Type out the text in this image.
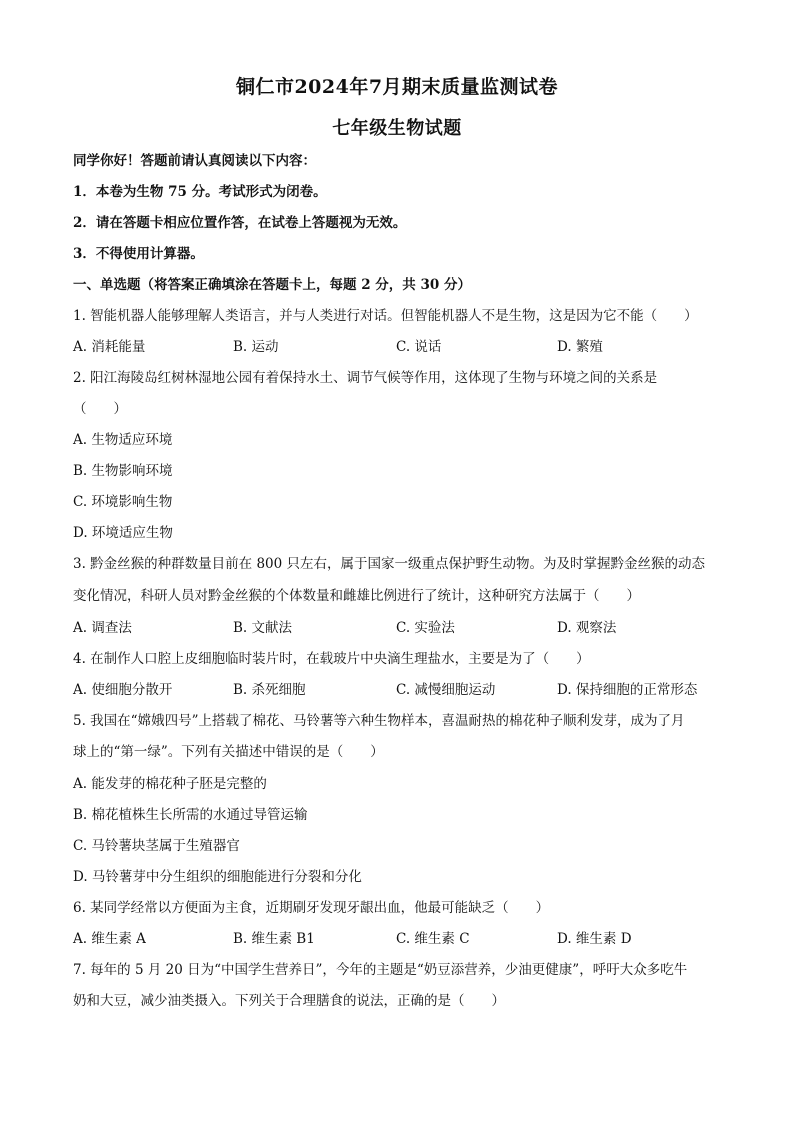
铜仁市2024年7月期末质量监测试卷
七年级生物试题
同学你好！答题前请认真阅读以下内容：
1．本卷为生物 75 分。考试形式为闭卷。
2．请在答题卡相应位置作答，在试卷上答题视为无效。
3．不得使用计算器。
一、单选题（将答案正确填涂在答题卡上，每题 2 分，共 30 分）
1. 智能机器人能够理解人类语言，并与人类进行对话。但智能机器人不是生物，这是因为它不能（　　）
A. 消耗能量	B. 运动	C. 说话	D. 繁殖
2. 阳江海陵岛红树林湿地公园有着保持水土、调节气候等作用，这体现了生物与环境之间的关系是
（　　）
A. 生物适应环境
B. 生物影响环境
C. 环境影响生物
D. 环境适应生物
3. 黔金丝猴的种群数量目前在 800 只左右，属于国家一级重点保护野生动物。为及时掌握黔金丝猴的动态
变化情况，科研人员对黔金丝猴的个体数量和雌雄比例进行了统计，这种研究方法属于（　　）
A. 调查法	B. 文献法	C. 实验法	D. 观察法
4. 在制作人口腔上皮细胞临时装片时，在载玻片中央滴生理盐水，主要是为了（　　）
A. 使细胞分散开	B. 杀死细胞	C. 减慢细胞运动	D. 保持细胞的正常形态
5. 我国在“嫦娥四号”上搭载了棉花、马铃薯等六种生物样本，喜温耐热的棉花种子顺利发芽，成为了月
球上的“第一绿”。下列有关描述中错误的是（　　）
A. 能发芽的棉花种子胚是完整的
B. 棉花植株生长所需的水通过导管运输
C. 马铃薯块茎属于生殖器官
D. 马铃薯芽中分生组织的细胞能进行分裂和分化
6. 某同学经常以方便面为主食，近期刷牙发现牙龈出血，他最可能缺乏（　　）
A. 维生素 A	B. 维生素 B1	C. 维生素 C	D. 维生素 D
7. 每年的 5 月 20 日为“中国学生营养日”，今年的主题是“奶豆添营养，少油更健康”，呼吁大众多吃牛
奶和大豆，减少油类摄入。下列关于合理膳食的说法，正确的是（　　）
